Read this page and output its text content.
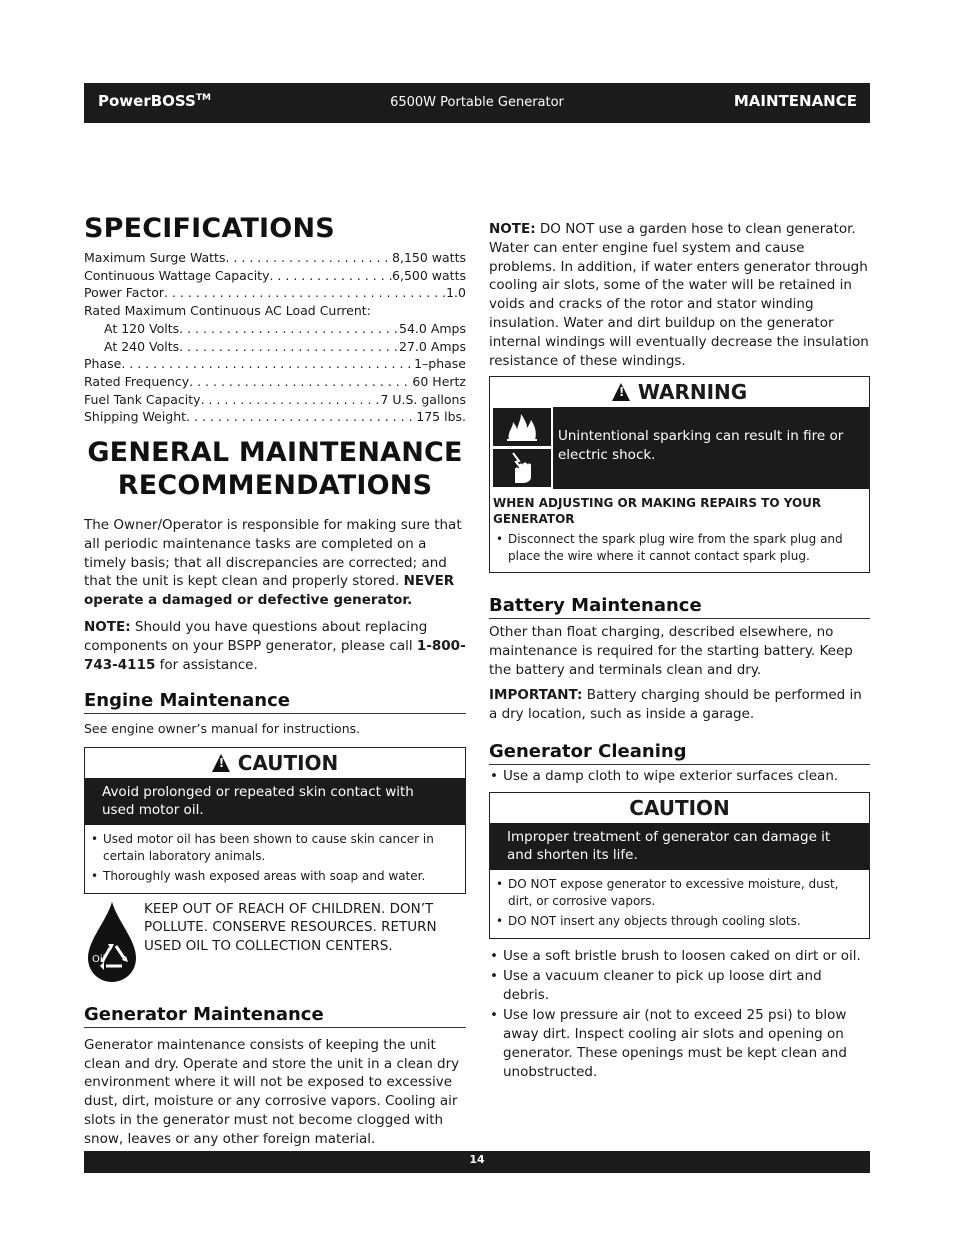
PowerBOSS™	6500W Portable Generator	MAINTENANCE
SPECIFICATIONS
Maximum Surge Watts . . .	8,150 watts
Continuous Wattage Capacity . . .	6,500 watts
Power Factor . . .	1.0
Rated Maximum Continuous AC Load Current:
At 120 Volts . . .	54.0 Amps
At 240 Volts . . .	27.0 Amps
Phase . . .	1–phase
Rated Frequency . . .	60 Hertz
Fuel Tank Capacity . . .	7 U.S. gallons
Shipping Weight . . .	175 lbs.
GENERAL MAINTENANCE
RECOMMENDATIONS

The Owner/Operator is responsible for making sure that all periodic maintenance tasks are completed on a timely basis; that all discrepancies are corrected; and that the unit is kept clean and properly stored. NEVER operate a damaged or defective generator.

NOTE: Should you have questions about replacing components on your BSPP generator, please call 1-800-743-4115 for assistance.

Engine Maintenance

See engine owner’s manual for instructions.

! CAUTION
Avoid prolonged or repeated skin contact with used motor oil.
• Used motor oil has been shown to cause skin cancer in certain laboratory animals.
• Thoroughly wash exposed areas with soap and water.
Oil
KEEP OUT OF REACH OF CHILDREN. DON’T POLLUTE. CONSERVE RESOURCES. RETURN USED OIL TO COLLECTION CENTERS.
Generator Maintenance

Generator maintenance consists of keeping the unit clean and dry. Operate and store the unit in a clean dry environment where it will not be exposed to excessive dust, dirt, moisture or any corrosive vapors. Cooling air slots in the generator must not become clogged with snow, leaves or any other foreign material.

NOTE: DO NOT use a garden hose to clean generator. Water can enter engine fuel system and cause problems. In addition, if water enters generator through cooling air slots, some of the water will be retained in voids and cracks of the rotor and stator winding insulation. Water and dirt buildup on the generator internal windings will eventually decrease the insulation resistance of these windings.

! WARNING
Unintentional sparking can result in fire or electric shock.
WHEN ADJUSTING OR MAKING REPAIRS TO YOUR GENERATOR
• Disconnect the spark plug wire from the spark plug and place the wire where it cannot contact spark plug.
Battery Maintenance

Other than float charging, described elsewhere, no maintenance is required for the starting battery. Keep the battery and terminals clean and dry.

IMPORTANT: Battery charging should be performed in a dry location, such as inside a garage.

Generator Cleaning
• Use a damp cloth to wipe exterior surfaces clean.
CAUTION
Improper treatment of generator can damage it and shorten its life.
• DO NOT expose generator to excessive moisture, dust, dirt, or corrosive vapors.
• DO NOT insert any objects through cooling slots.
• Use a soft bristle brush to loosen caked on dirt or oil.
• Use a vacuum cleaner to pick up loose dirt and debris.
• Use low pressure air (not to exceed 25 psi) to blow away dirt. Inspect cooling air slots and opening on generator. These openings must be kept clean and unobstructed.
14
